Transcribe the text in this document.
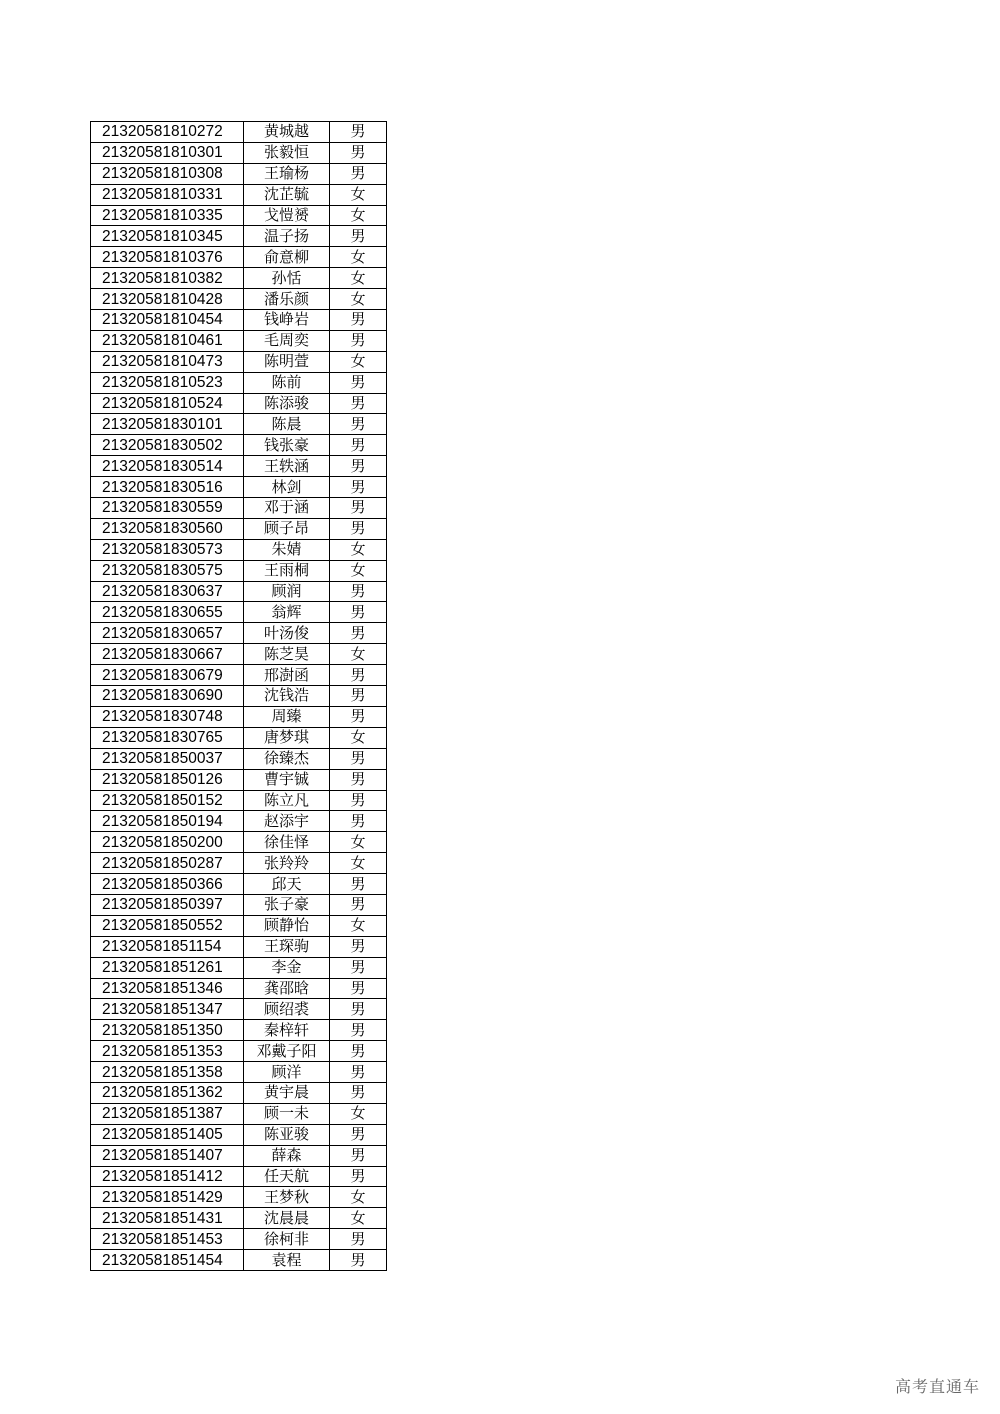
21320581810272	黄城越	男
21320581810301	张毅恒	男
21320581810308	王瑜杨	男
21320581810331	沈芷毓	女
21320581810335	戈愷赟	女
21320581810345	温子扬	男
21320581810376	俞意柳	女
21320581810382	孙恬	女
21320581810428	潘乐颜	女
21320581810454	钱峥岩	男
21320581810461	毛周奕	男
21320581810473	陈明萱	女
21320581810523	陈前	男
21320581810524	陈添骏	男
21320581830101	陈晨	男
21320581830502	钱张豪	男
21320581830514	王轶涵	男
21320581830516	林剑	男
21320581830559	邓于涵	男
21320581830560	顾子昂	男
21320581830573	朱婧	女
21320581830575	王雨桐	女
21320581830637	顾润	男
21320581830655	翁辉	男
21320581830657	叶汤俊	男
21320581830667	陈芝昊	女
21320581830679	邢澍函	男
21320581830690	沈钱浩	男
21320581830748	周臻	男
21320581830765	唐梦琪	女
21320581850037	徐臻杰	男
21320581850126	曹宇铖	男
21320581850152	陈立凡	男
21320581850194	赵添宇	男
21320581850200	徐佳怿	女
21320581850287	张羚羚	女
21320581850366	邱天	男
21320581850397	张子豪	男
21320581850552	顾静怡	女
21320581851154	王琛驹	男
21320581851261	李金	男
21320581851346	龚邵晗	男
21320581851347	顾绍裘	男
21320581851350	秦梓轩	男
21320581851353	邓戴子阳	男
21320581851358	顾洋	男
21320581851362	黄宇晨	男
21320581851387	顾一未	女
21320581851405	陈亚骏	男
21320581851407	薛森	男
21320581851412	任天航	男
21320581851429	王梦秋	女
21320581851431	沈晨晨	女
21320581851453	徐柯非	男
21320581851454	袁程	男
高考直通车
